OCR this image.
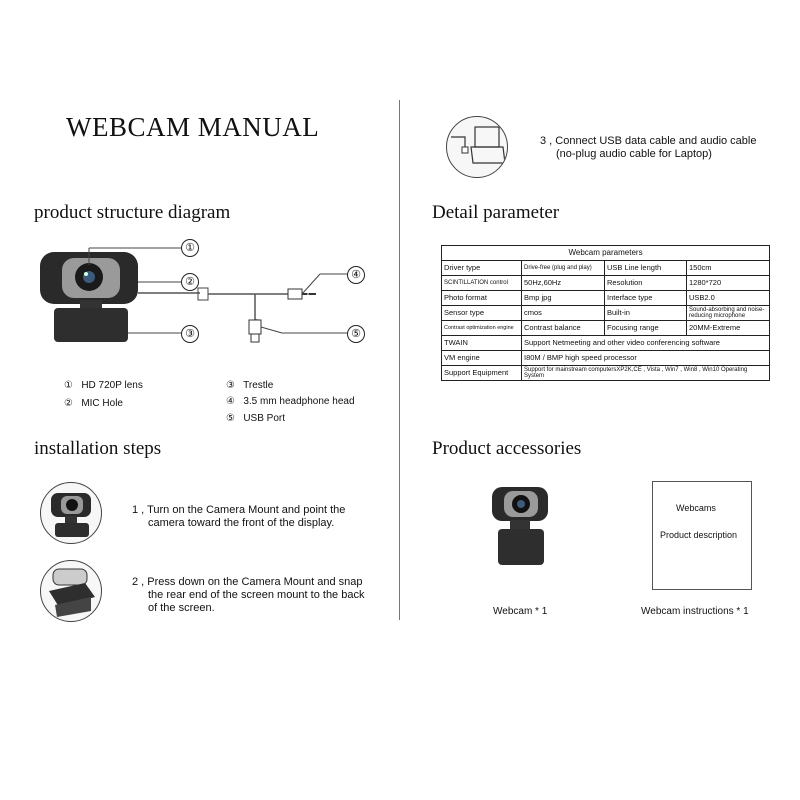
WEBCAM MANUAL
product structure diagram	Detail parameter
installation steps	Product accessories
①
②
③
④
⑤
① HD 720P lens
② MIC Hole
③ Trestle
④ 3.5 mm headphone head
⑤ USB Port
1 , Turn on the Camera Mount and point the
camera toward the front of the display.
2 , Press down on the Camera Mount and snap
the rear end of the screen mount to the back
of the screen.
3 , Connect USB data cable and audio cable
(no-plug audio cable for Laptop)
Webcam parameters			
Driver type	Drive-free (plug and play)	USB Line length	150cm
SCINTILLATION control	50Hz,60Hz	Resolution	1280*720
Photo format	Bmp jpg	Interface type	USB2.0
Sensor type	cmos	Built-in	Sound-absorbing and noise-reducing microphone
Contrast optimization engine	Contrast balance	Focusing range	20MM-Extreme
TWAIN	Support Netmeeting and other video conferencing software		
VM engine	I80M / BMP high speed processor		
Support Equipment	Support for mainstream computersXP2K,CE , Vista , Win7 , Win8 , Win10 Operating System		
Webcam * 1
Webcams
Product description
Webcam instructions * 1
